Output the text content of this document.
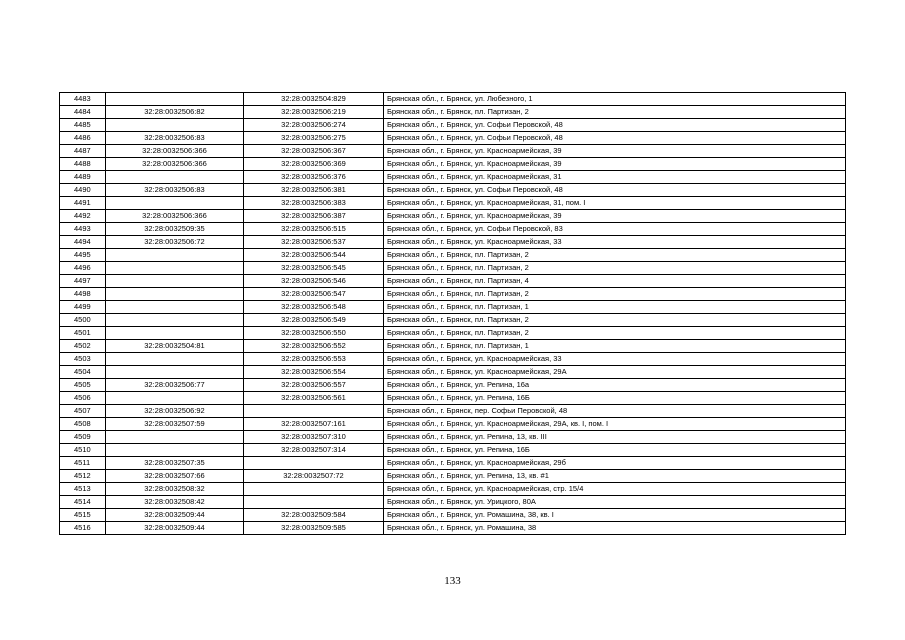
4483		32:28:0032504:829	Брянская обл., г. Брянск, ул. Любезного, 1
4484	32:28:0032506:82	32:28:0032506:219	Брянская обл., г. Брянск, пл. Партизан, 2
4485		32:28:0032506:274	Брянская обл., г. Брянск, ул. Софьи Перовской, 48
4486	32:28:0032506:83	32:28:0032506:275	Брянская обл., г. Брянск, ул. Софьи Перовской, 48
4487	32:28:0032506:366	32:28:0032506:367	Брянская обл., г. Брянск, ул. Красноармейская, 39
4488	32:28:0032506:366	32:28:0032506:369	Брянская обл., г. Брянск, ул. Красноармейская, 39
4489		32:28:0032506:376	Брянская обл., г. Брянск, ул. Красноармейская, 31
4490	32:28:0032506:83	32:28:0032506:381	Брянская обл., г. Брянск, ул. Софьи Перовской, 48
4491		32:28:0032506:383	Брянская обл., г. Брянск, ул. Красноармейская, 31, пом. I
4492	32:28:0032506:366	32:28:0032506:387	Брянская обл., г. Брянск, ул. Красноармейская, 39
4493	32:28:0032509:35	32:28:0032506:515	Брянская обл., г. Брянск, ул. Софьи Перовской, 83
4494	32:28:0032506:72	32:28:0032506:537	Брянская обл., г. Брянск, ул. Красноармейская, 33
4495		32:28:0032506:544	Брянская обл., г. Брянск, пл. Партизан, 2
4496		32:28:0032506:545	Брянская обл., г. Брянск, пл. Партизан, 2
4497		32:28:0032506:546	Брянская обл., г. Брянск, пл. Партизан, 4
4498		32:28:0032506:547	Брянская обл., г. Брянск, пл. Партизан, 2
4499		32:28:0032506:548	Брянская обл., г. Брянск, пл. Партизан, 1
4500		32:28:0032506:549	Брянская обл., г. Брянск, пл. Партизан, 2
4501		32:28:0032506:550	Брянская обл., г. Брянск, пл. Партизан, 2
4502	32:28:0032504:81	32:28:0032506:552	Брянская обл., г. Брянск, пл. Партизан, 1
4503		32:28:0032506:553	Брянская обл., г. Брянск, ул. Красноармейская, 33
4504		32:28:0032506:554	Брянская обл., г. Брянск, ул. Красноармейская, 29А
4505	32:28:0032506:77	32:28:0032506:557	Брянская обл., г. Брянск, ул. Репина, 16а
4506		32:28:0032506:561	Брянская обл., г. Брянск, ул. Репина, 16Б
4507	32:28:0032506:92		Брянская обл., г. Брянск, пер. Софьи Перовской, 48
4508	32:28:0032507:59	32:28:0032507:161	Брянская обл., г. Брянск, ул. Красноармейская, 29А, кв. I, пом. I
4509		32:28:0032507:310	Брянская обл., г. Брянск, ул. Репина, 13, кв. III
4510		32:28:0032507:314	Брянская обл., г. Брянск, ул. Репина, 16Б
4511	32:28:0032507:35		Брянская обл., г. Брянск, ул. Красноармейская, 29б
4512	32:28:0032507:66	32:28:0032507:72	Брянская обл., г. Брянск, ул. Репина, 13, кв. #1
4513	32:28:0032508:32		Брянская обл., г. Брянск, ул. Красноармейская, стр. 15/4
4514	32:28:0032508:42		Брянская обл., г. Брянск, ул. Урицкого, 80А
4515	32:28:0032509:44	32:28:0032509:584	Брянская обл., г. Брянск, ул. Ромашина, 38, кв. I
4516	32:28:0032509:44	32:28:0032509:585	Брянская обл., г. Брянск, ул. Ромашина, 38
133
